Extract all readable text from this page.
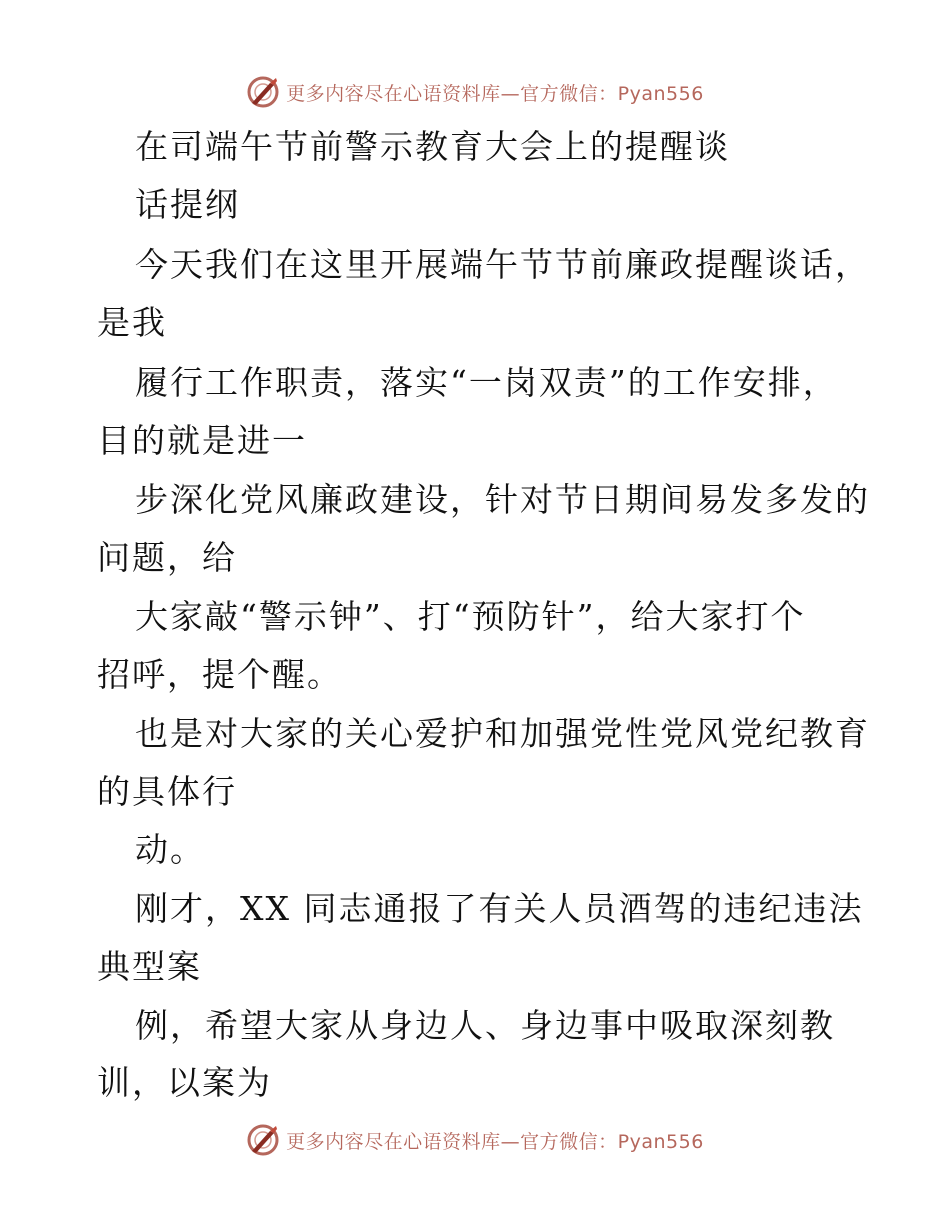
更多内容尽在心语资料库—官方微信：Pyan556
在司端午节前警示教育大会上的提醒谈
话提纲
今天我们在这里开展端午节节前廉政提醒谈话，
是我
履行工作职责，落实“一岗双责”的工作安排，
目的就是进一
步深化党风廉政建设，针对节日期间易发多发的
问题，给
大家敲“警示钟”、打“预防针”，给大家打个
招呼，提个醒。
也是对大家的关心爱护和加强党性党风党纪教育
的具体行
动。
刚才，XX 同志通报了有关人员酒驾的违纪违法
典型案
例，希望大家从身边人、身边事中吸取深刻教
训，以案为
更多内容尽在心语资料库—官方微信：Pyan556
